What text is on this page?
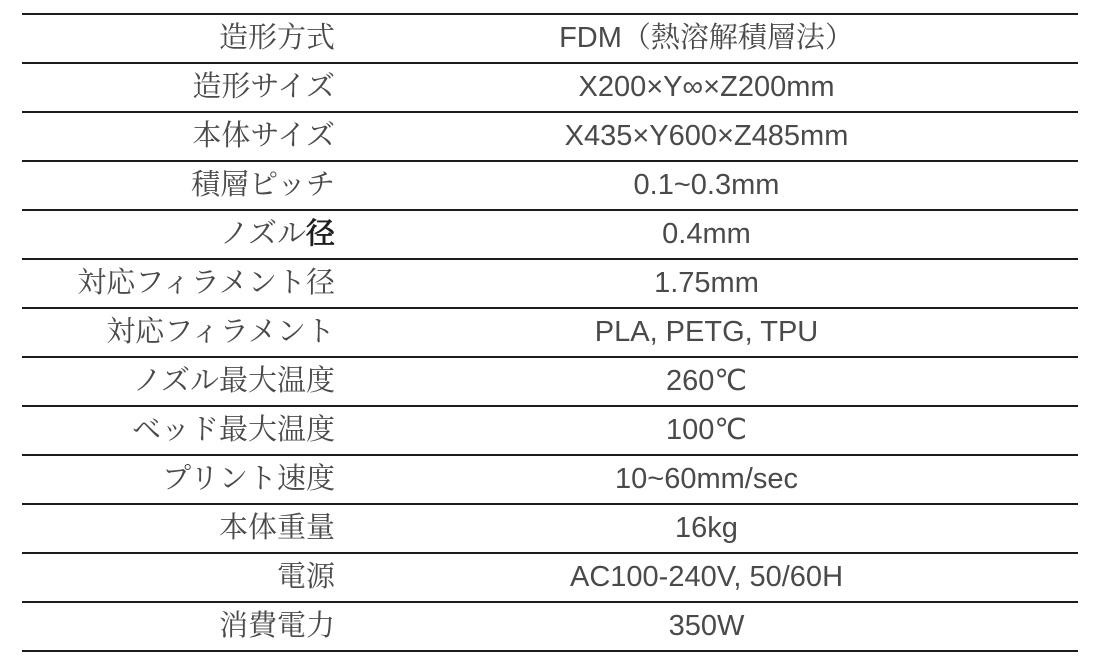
造形方式	FDM（熱溶解積層法）
造形サイズ	X200×Y∞×Z200mm
本体サイズ	X435×Y600×Z485mm
積層ピッチ	0.1~0.3mm
ノズル径	0.4mm
対応フィラメント径	1.75mm
対応フィラメント	PLA, PETG, TPU
ノズル最大温度	260℃
ベッド最大温度	100℃
プリント速度	10~60mm/sec
本体重量	16kg
電源	AC100-240V, 50/60H
消費電力	350W
